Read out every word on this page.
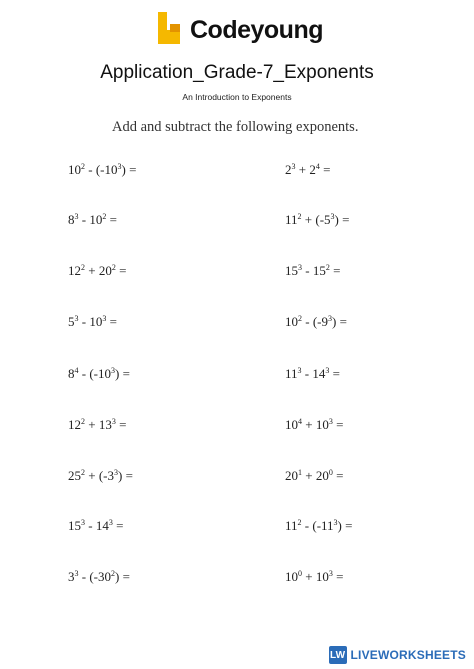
Codeyoung
Application_Grade-7_Exponents
An Introduction to Exponents
Add and subtract the following exponents.
$10^2 - (-10^3)$ =
$8^3 - 10^2$ =
$12^2 + 20^2$ =
$5^3 - 10^3$ =
$8^4 - (-10^3)$ =
$12^2 + 13^3$ =
$25^2 + (-3^3)$ =
$15^3 - 14^3$ =
$3^3 - (-30^2)$ =
$2^3 + 2^4$ =
$11^2 + (-5^3)$ =
$15^3 - 15^2$ =
$10^2 - (-9^3)$ =
$11^3 - 14^3$ =
$10^4 + 10^3$ =
$20^1 + 20^0$ =
$11^2 - (-11^3)$ =
$10^0 + 10^3$ =
LW LIVEWORKSHEETS
